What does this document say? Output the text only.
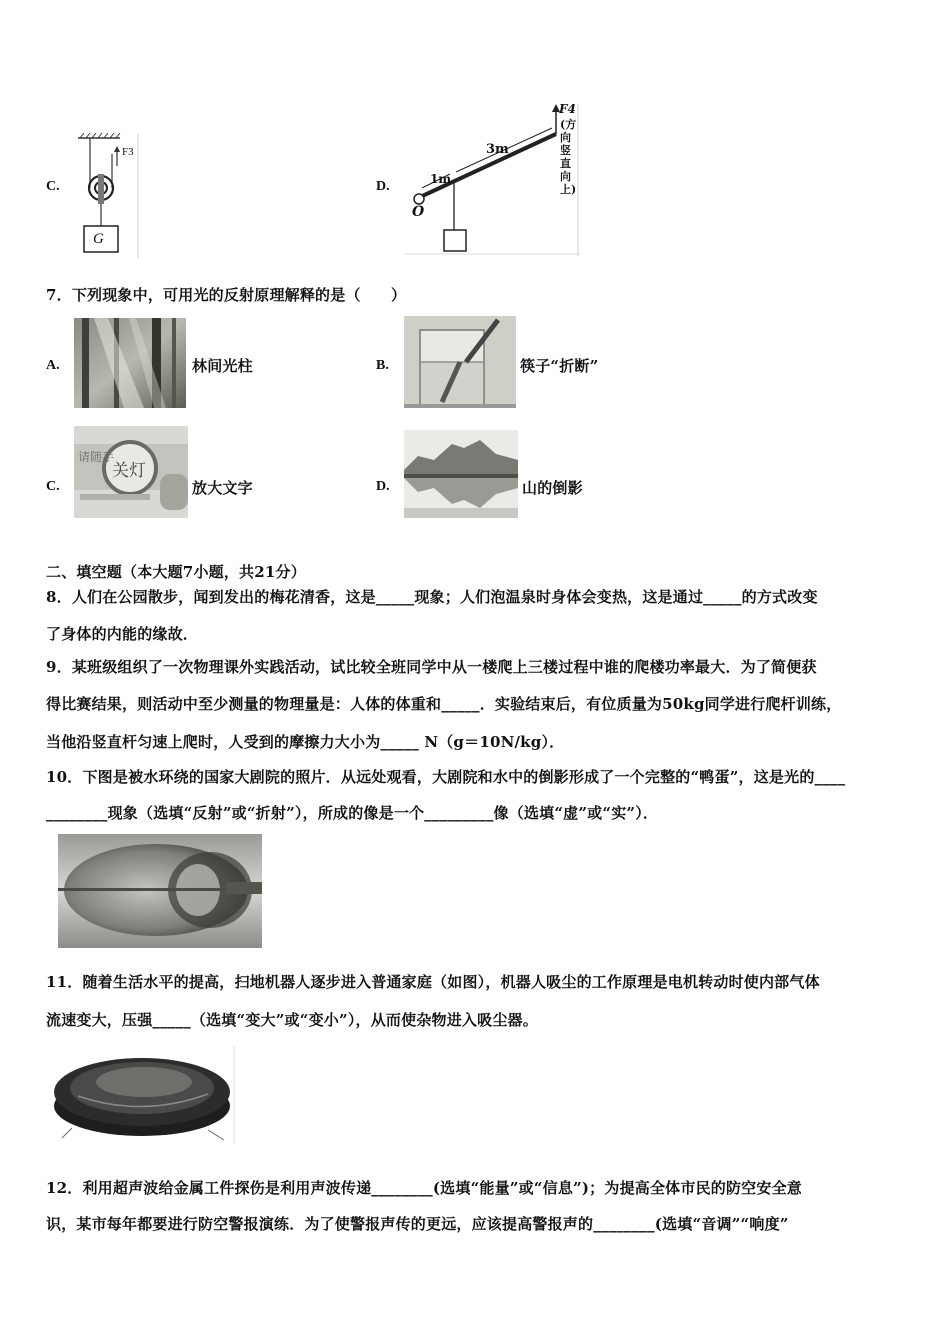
C.
F3
G
D.	1m
3m
O
F4
(方向竖直向上)
7．下列现象中，可用光的反射原理解释的是（　　）
A.	林间光柱	B.	筷子“折断”
C.
请随手
关灯
放大文字	D.	山的倒影
二、填空题（本大题7小题，共21分）
8．人们在公园散步，闻到发出的梅花清香，这是_____现象；人们泡温泉时身体会变热，这是通过_____的方式改变
了身体的内能的缘故．
9．某班级组织了一次物理课外实践活动，试比较全班同学中从一楼爬上三楼过程中谁的爬楼功率最大．为了简便获
得比赛结果，则活动中至少测量的物理量是：人体的体重和_____．实验结束后，有位质量为50kg同学进行爬杆训练，
当他沿竖直杆匀速上爬时，人受到的摩擦力大小为_____ N（g＝10N/kg）．
10．下图是被水环绕的国家大剧院的照片．从远处观看，大剧院和水中的倒影形成了一个完整的“鸭蛋”，这是光的____
________现象（选填“反射”或“折射”），所成的像是一个_________像（选填“虚”或“实”）．
11．随着生活水平的提高，扫地机器人逐步进入普通家庭（如图），机器人吸尘的工作原理是电机转动时使内部气体
流速变大，压强_____（选填“变大”或“变小”），从而使杂物进入吸尘器。
12．利用超声波给金属工件探伤是利用声波传递________(选填“能量”或“信息”)；为提高全体市民的防空安全意
识，某市每年都要进行防空警报演练．为了使警报声传的更远，应该提高警报声的________(选填“音调”“响度”
